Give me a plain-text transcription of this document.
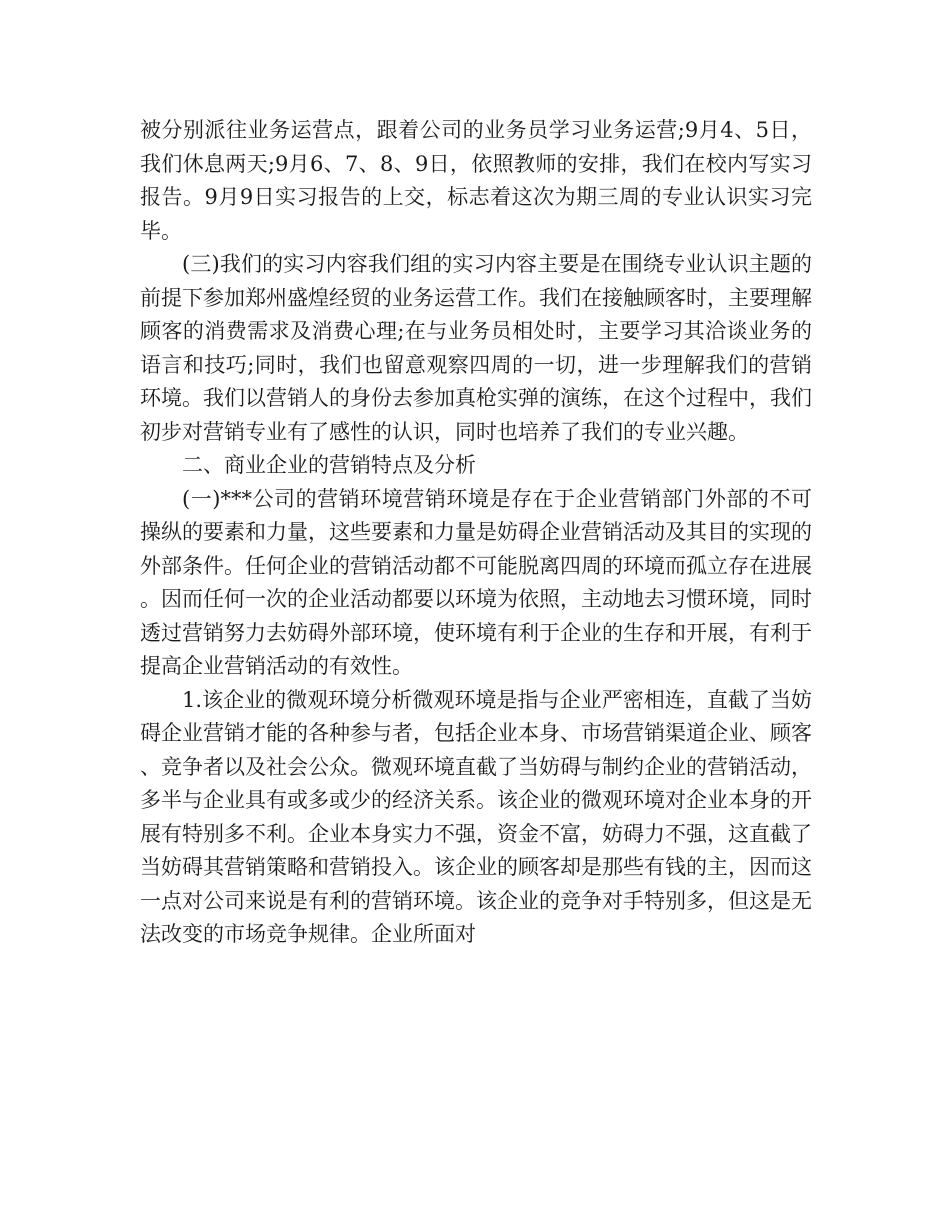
被分别派往业务运营点，跟着公司的业务员学习业务运营;9月4、5日，我们休息两天;9月6、7、8、9日，依照教师的安排，我们在校内写实习报告。9月9日实习报告的上交，标志着这次为期三周的专业认识实习完毕。

(三)我们的实习内容我们组的实习内容主要是在围绕专业认识主题的前提下参加郑州盛煌经贸的业务运营工作。我们在接触顾客时，主要理解顾客的消费需求及消费心理;在与业务员相处时，主要学习其洽谈业务的语言和技巧;同时，我们也留意观察四周的一切，进一步理解我们的营销环境。我们以营销人的身份去参加真枪实弹的演练，在这个过程中，我们初步对营销专业有了感性的认识，同时也培养了我们的专业兴趣。

二、商业企业的营销特点及分析

(一)***公司的营销环境营销环境是存在于企业营销部门外部的不可操纵的要素和力量，这些要素和力量是妨碍企业营销活动及其目的实现的外部条件。任何企业的营销活动都不可能脱离四周的环境而孤立存在进展。因而任何一次的企业活动都要以环境为依照，主动地去习惯环境，同时透过营销努力去妨碍外部环境，使环境有利于企业的生存和开展，有利于提高企业营销活动的有效性。

1.该企业的微观环境分析微观环境是指与企业严密相连，直截了当妨碍企业营销才能的各种参与者，包括企业本身、市场营销渠道企业、顾客、竞争者以及社会公众。微观环境直截了当妨碍与制约企业的营销活动，多半与企业具有或多或少的经济关系。该企业的微观环境对企业本身的开展有特别多不利。企业本身实力不强，资金不富，妨碍力不强，这直截了当妨碍其营销策略和营销投入。该企业的顾客却是那些有钱的主，因而这一点对公司来说是有利的营销环境。该企业的竞争对手特别多，但这是无法改变的市场竞争规律。企业所面对
